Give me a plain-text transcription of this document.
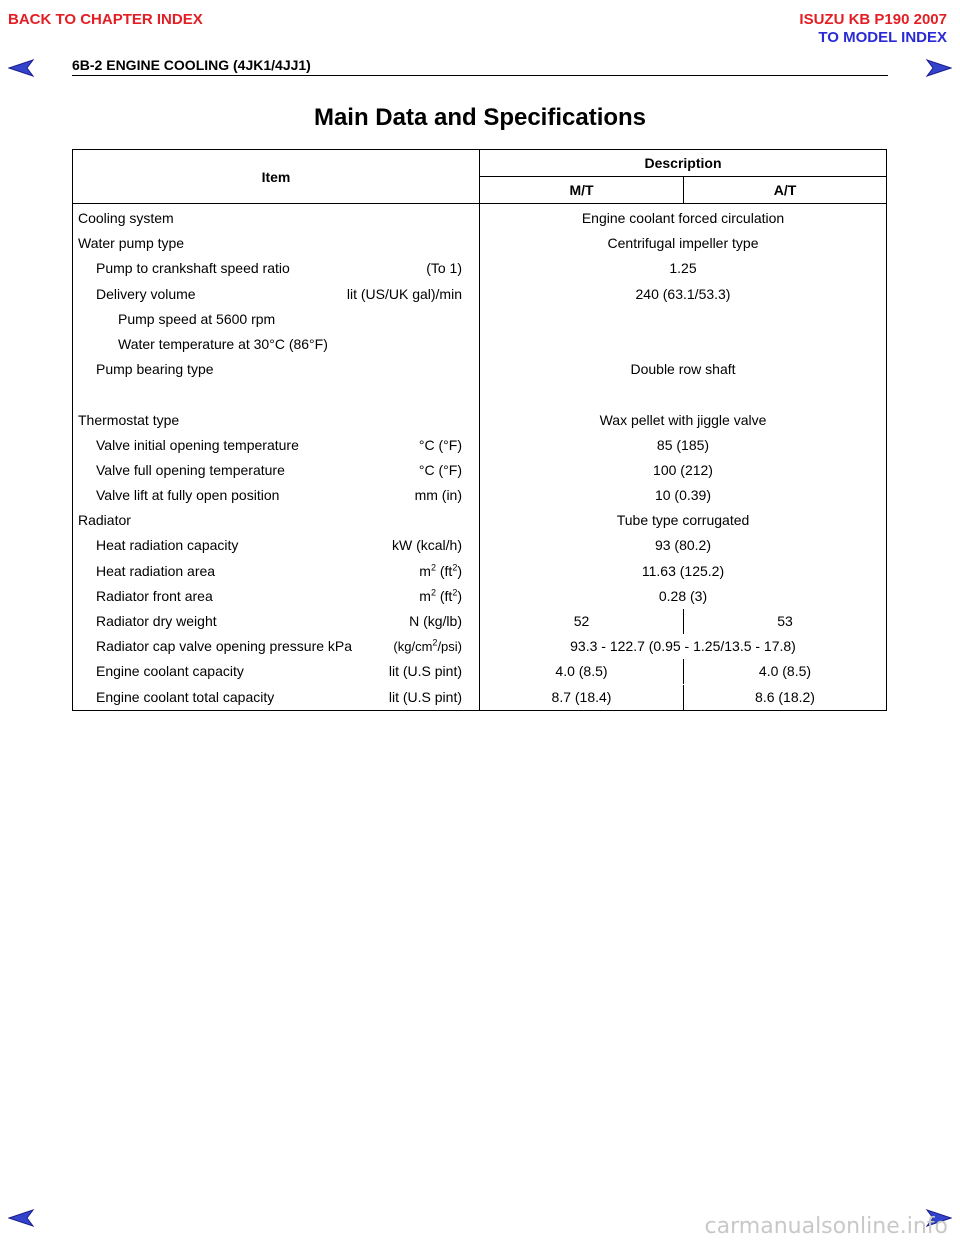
BACK TO CHAPTER INDEX	ISUZU KB P190 2007
TO MODEL INDEX
6B-2 ENGINE COOLING (4JK1/4JJ1)
Main Data and Specifications
Item
Description
M/T	A/T
Cooling system	Engine coolant forced circulation
Water pump type	Centrifugal impeller type
Pump to crankshaft speed ratio	(To 1)	1.25
Delivery volume	lit (US/UK gal)/min	240 (63.1/53.3)
Pump speed at 5600 rpm
Water temperature at 30°C (86°F)
Pump bearing type	Double row shaft
Thermostat type	Wax pellet with jiggle valve
Valve initial opening temperature	°C (°F)	85 (185)
Valve full opening temperature	°C (°F)	100 (212)
Valve lift at fully open position	mm (in)	10 (0.39)
Radiator	Tube type corrugated
Heat radiation capacity	kW (kcal/h)	93 (80.2)
Heat radiation area	$m^2$ $(ft^2)$	11.63 (125.2)
Radiator front area	$m^2$ $(ft^2)$	0.28 (3)
Radiator dry weight	N (kg/lb)	52	53
Radiator cap valve opening pressure kPa	$(kg/cm^2/psi)$	93.3 - 122.7 (0.95 - 1.25/13.5 - 17.8)
Engine coolant capacity	lit (U.S pint)	4.0 (8.5)	4.0 (8.5)
Engine coolant total capacity	lit (U.S pint)	8.7 (18.4)	8.6 (18.2)
carmanualsonline.info
